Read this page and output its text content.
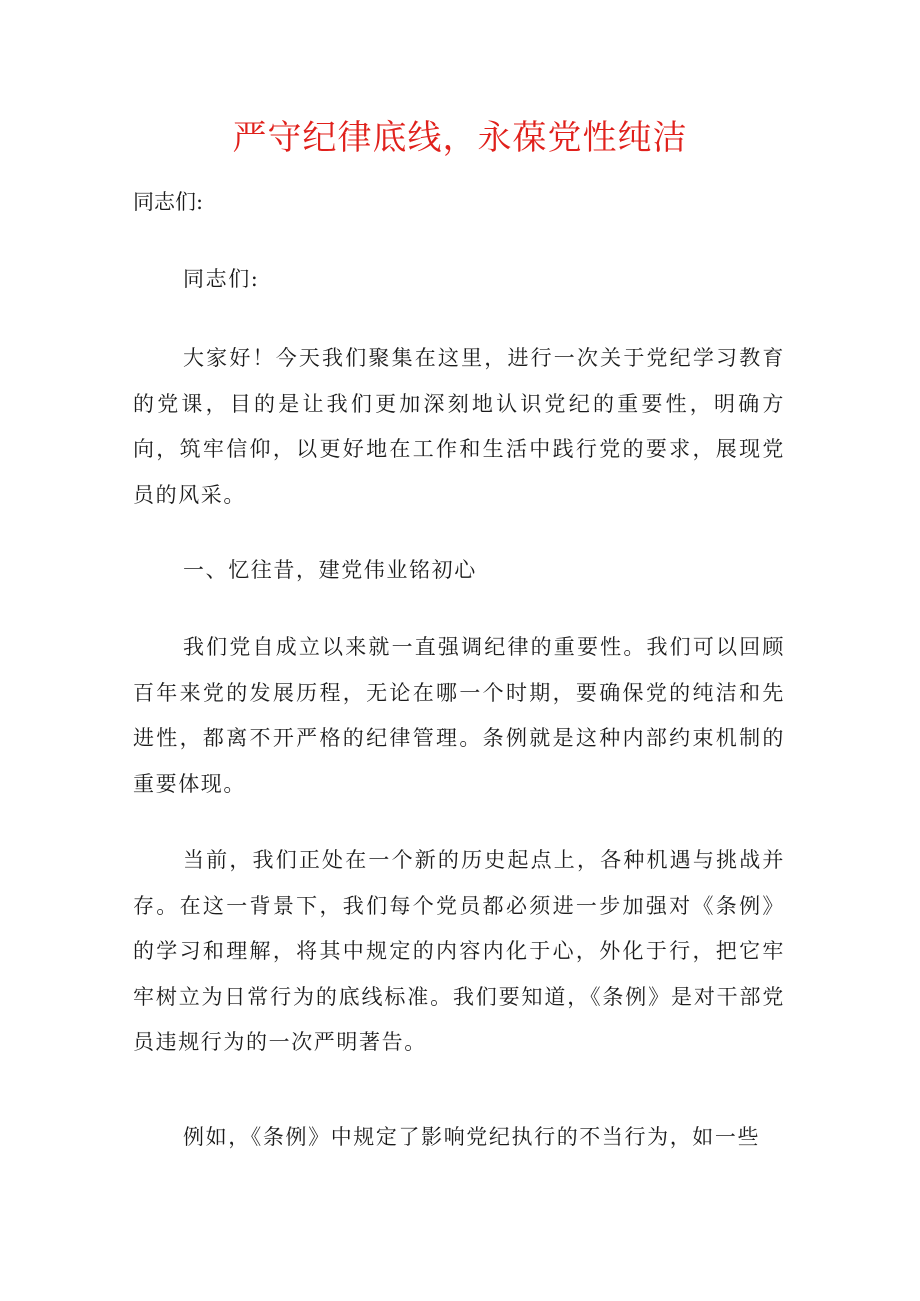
严守纪律底线，永葆党性纯洁

同志们:

同志们:

大家好！今天我们聚集在这里，进行一次关于党纪学习教育的党课，目的是让我们更加深刻地认识党纪的重要性，明确方向，筑牢信仰，以更好地在工作和生活中践行党的要求，展现党员的风采。

一、忆往昔，建党伟业铭初心

我们党自成立以来就一直强调纪律的重要性。我们可以回顾百年来党的发展历程，无论在哪一个时期，要确保党的纯洁和先进性，都离不开严格的纪律管理。条例就是这种内部约束机制的重要体现。

当前，我们正处在一个新的历史起点上，各种机遇与挑战并存。在这一背景下，我们每个党员都必须进一步加强对《条例》的学习和理解，将其中规定的内容内化于心，外化于行，把它牢牢树立为日常行为的底线标准。我们要知道，《条例》是对干部党员违规行为的一次严明著告。

例如，《条例》中规定了影响党纪执行的不当行为，如一些
